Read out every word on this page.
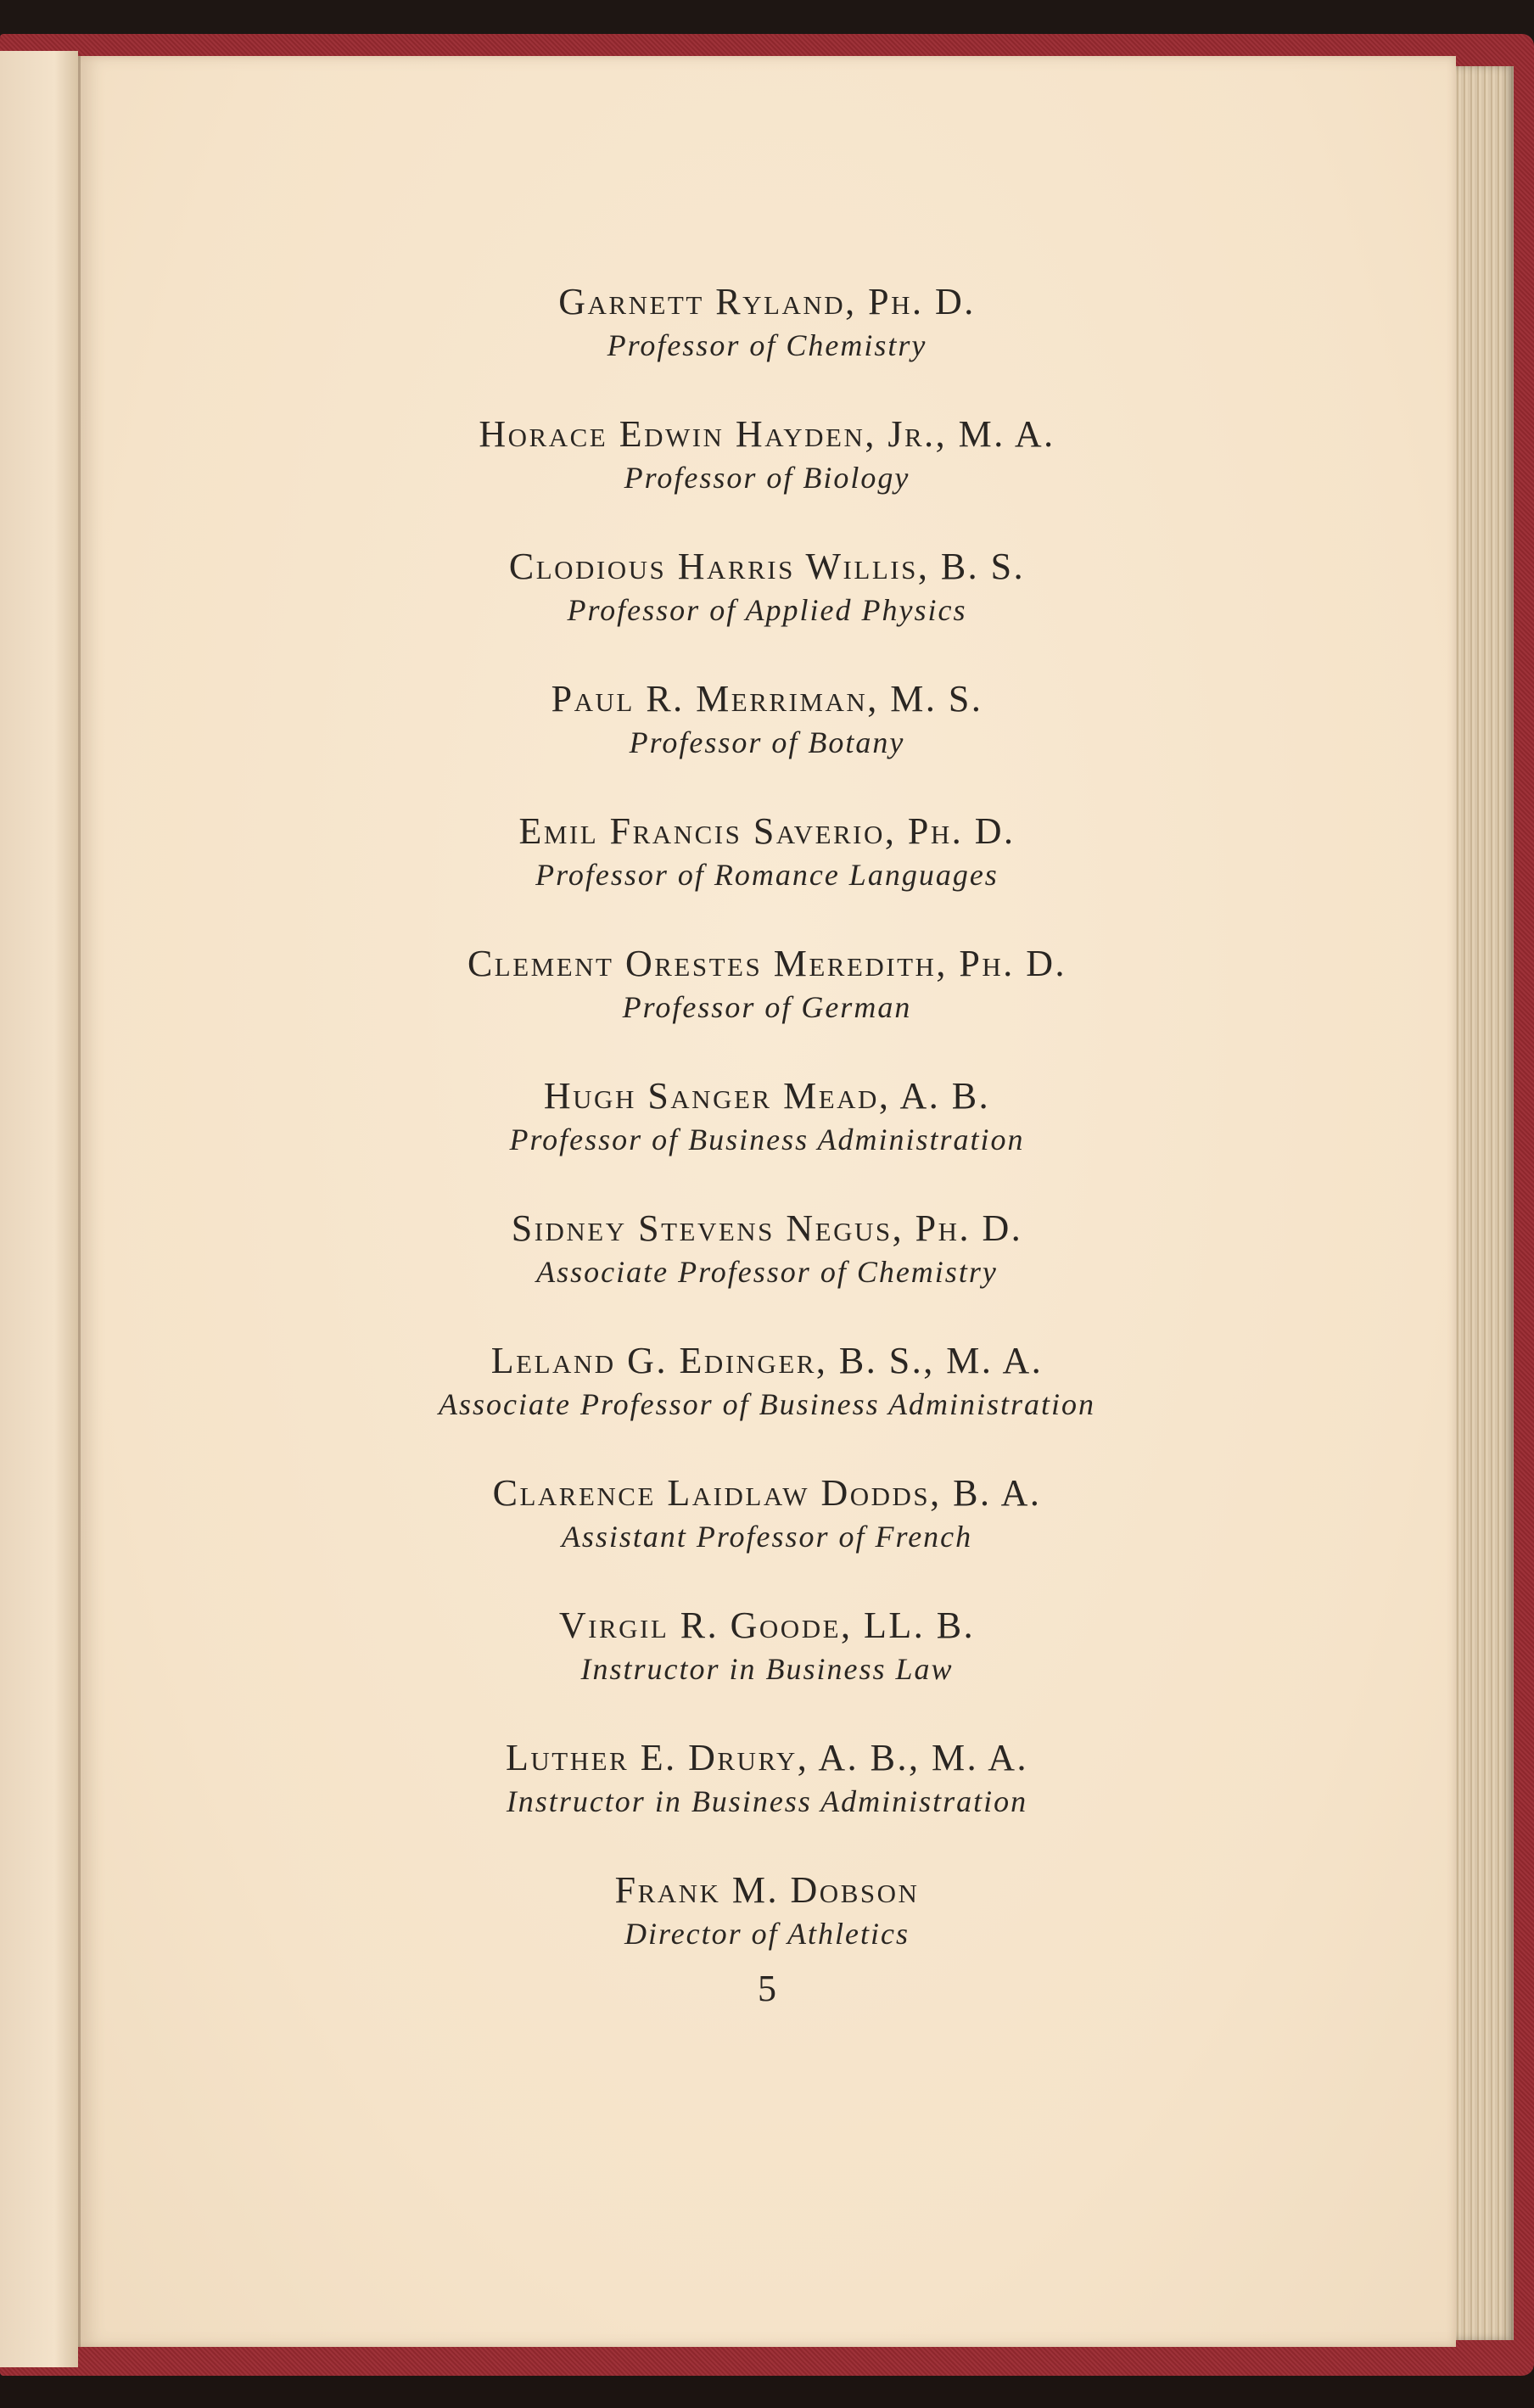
Garnett Ryland, Ph. D.
Professor of Chemistry
Horace Edwin Hayden, Jr., M. A.
Professor of Biology
Clodious Harris Willis, B. S.
Professor of Applied Physics
Paul R. Merriman, M. S.
Professor of Botany
Emil Francis Saverio, Ph. D.
Professor of Romance Languages
Clement Orestes Meredith, Ph. D.
Professor of German
Hugh Sanger Mead, A. B.
Professor of Business Administration
Sidney Stevens Negus, Ph. D.
Associate Professor of Chemistry
Leland G. Edinger, B. S., M. A.
Associate Professor of Business Administration
Clarence Laidlaw Dodds, B. A.
Assistant Professor of French
Virgil R. Goode, LL. B.
Instructor in Business Law
Luther E. Drury, A. B., M. A.
Instructor in Business Administration
Frank M. Dobson
Director of Athletics
5
